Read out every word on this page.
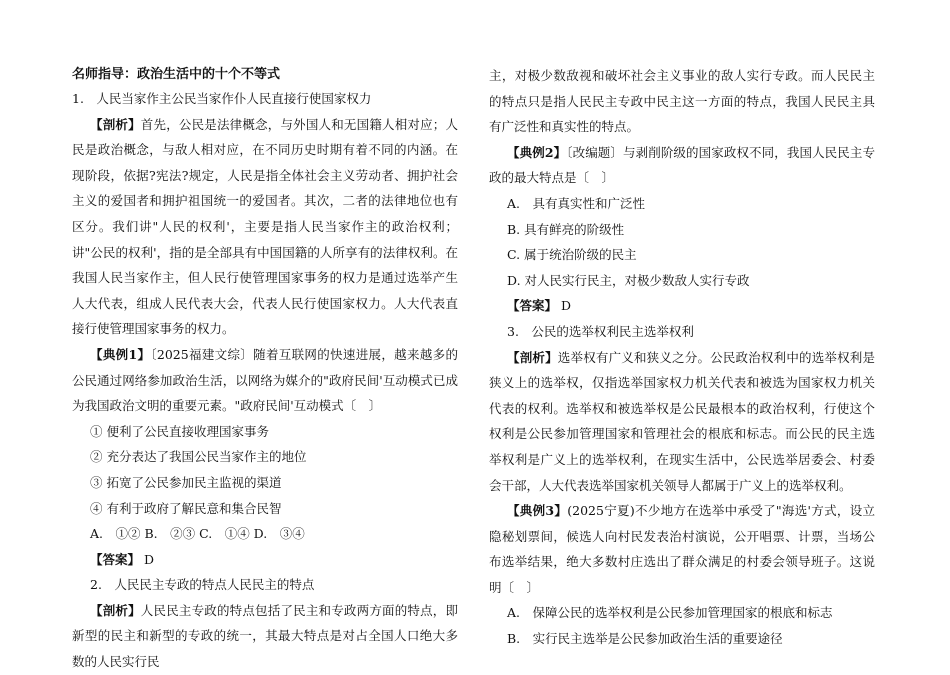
名师指导：政治生活中的十个不等式

1.　人民当家作主公民当家作仆人民直接行使国家权力

【剖析】首先，公民是法律概念，与外国人和无国籍人相对应；人民是政治概念，与敌人相对应，在不同历史时期有着不同的内涵。在现阶段，依据?宪法?规定，人民是指全体社会主义劳动者、拥护社会主义的爱国者和拥护祖国统一的爱国者。其次，二者的法律地位也有区分。我们讲"人民的权利'，主要是指人民当家作主的政治权利；讲"公民的权利'，指的是全部具有中国国籍的人所享有的法律权利。在我国人民当家作主，但人民行使管理国家事务的权力是通过选举产生人大代表，组成人民代表大会，代表人民行使国家权力。人大代表直接行使管理国家事务的权力。

【典例1】〔2025福建文综〕随着互联网的快速进展，越来越多的公民通过网络参加政治生活，以网络为媒介的"政府民间'互动模式已成为我国政治文明的重要元素。"政府民间'互动模式〔　〕

① 便利了公民直接收理国家事务

② 充分表达了我国公民当家作主的地位

③ 拓宽了公民参加民主监视的渠道

④ 有利于政府了解民意和集合民智

A.　①② B.　②③ C.　①④ D.　③④

【答案】 D

2.　人民民主专政的特点人民民主的特点

【剖析】人民民主专政的特点包括了民主和专政两方面的特点，即新型的民主和新型的专政的统一，其最大特点是对占全国人口绝大多数的人民实行民

主，对极少数敌视和破坏社会主义事业的敌人实行专政。而人民民主的特点只是指人民民主专政中民主这一方面的特点，我国人民民主具有广泛性和真实性的特点。

【典例2】〔改编题〕与剥削阶级的国家政权不同，我国人民民主专政的最大特点是〔　〕

A.　具有真实性和广泛性

B. 具有鲜亮的阶级性

C. 属于统治阶级的民主

D. 对人民实行民主，对极少数敌人实行专政

【答案】 D

3.　公民的选举权利民主选举权利

【剖析】选举权有广义和狭义之分。公民政治权利中的选举权利是狭义上的选举权，仅指选举国家权力机关代表和被选为国家权力机关代表的权利。选举权和被选举权是公民最根本的政治权利，行使这个权利是公民参加管理国家和管理社会的根底和标志。而公民的民主选举权利是广义上的选举权利，在现实生活中，公民选举居委会、村委会干部，人大代表选举国家机关领导人都属于广义上的选举权利。

【典例3】(2025宁夏)不少地方在选举中承受了"海选'方式，设立隐秘划票间，候选人向村民发表治村演说，公开唱票、计票，当场公布选举结果，绝大多数村庄选出了群众满足的村委会领导班子。这说明〔　〕

A.　保障公民的选举权利是公民参加管理国家的根底和标志

B.　实行民主选举是公民参加政治生活的重要途径
